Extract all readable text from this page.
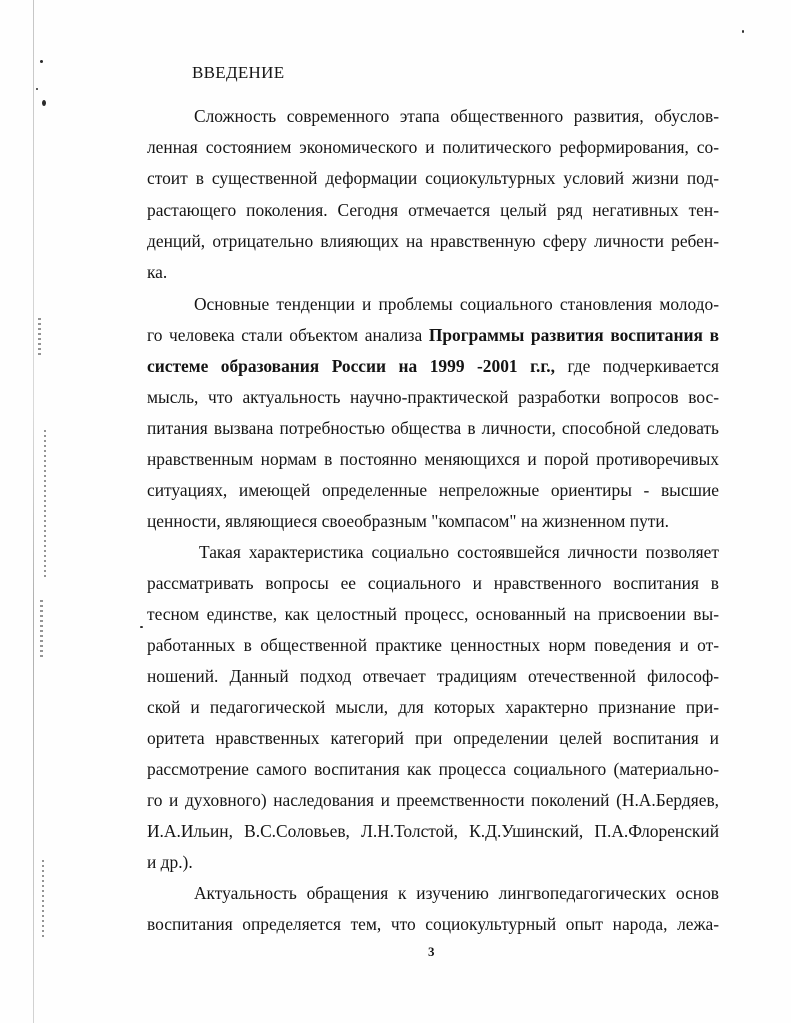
ВВЕДЕНИЕ
Сложность современного этапа общественного развития, обуслов-
ленная состоянием экономического и политического реформирования, со-
стоит в существенной деформации социокультурных условий жизни под-
растающего поколения. Сегодня отмечается целый ряд негативных тен-
денций, отрицательно влияющих на нравственную сферу личности ребен-
ка.
Основные тенденции и проблемы социального становления молодо-
го человека стали объектом анализа Программы развития воспитания в
системе образования России на 1999 -2001 г.г., где подчеркивается
мысль, что актуальность научно-практической разработки вопросов вос-
питания вызвана потребностью общества в личности, способной следовать
нравственным нормам в постоянно меняющихся и порой противоречивых
ситуациях, имеющей определенные непреложные ориентиры - высшие
ценности, являющиеся своеобразным "компасом" на жизненном пути.
Такая характеристика социально состоявшейся личности позволяет
рассматривать вопросы ее социального и нравственного воспитания в
тесном единстве, как целостный процесс, основанный на присвоении вы-
работанных в общественной практике ценностных норм поведения и от-
ношений. Данный подход отвечает традициям отечественной философ-
ской и педагогической мысли, для которых характерно признание при-
оритета нравственных категорий при определении целей воспитания и
рассмотрение самого воспитания как процесса социального (материально-
го и духовного) наследования и преемственности поколений (Н.А.Бердяев,
И.А.Ильин, В.С.Соловьев, Л.Н.Толстой, К.Д.Ушинский, П.А.Флоренский
и др.).
Актуальность обращения к изучению лингвопедагогических основ
воспитания определяется тем, что социокультурный опыт народа, лежа-
3
